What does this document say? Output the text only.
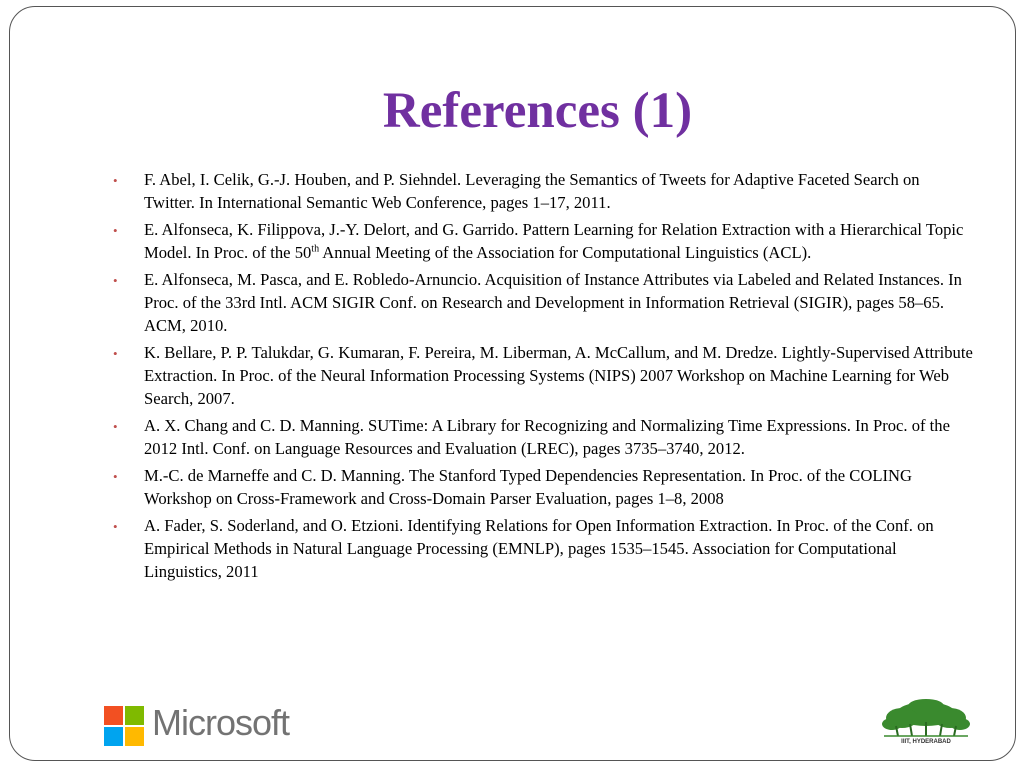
References (1)
• F. Abel, I. Celik, G.-J. Houben, and P. Siehndel. Leveraging the Semantics of Tweets for Adaptive Faceted Search on Twitter. In International Semantic Web Conference, pages 1–17, 2011.
• E. Alfonseca, K. Filippova, J.-Y. Delort, and G. Garrido. Pattern Learning for Relation Extraction with a Hierarchical Topic Model. In Proc. of the 50th Annual Meeting of the Association for Computational Linguistics (ACL).
• E. Alfonseca, M. Pasca, and E. Robledo-Arnuncio. Acquisition of Instance Attributes via Labeled and Related Instances. In Proc. of the 33rd Intl. ACM SIGIR Conf. on Research and Development in Information Retrieval (SIGIR), pages 58–65. ACM, 2010.
• K. Bellare, P. P. Talukdar, G. Kumaran, F. Pereira, M. Liberman, A. McCallum, and M. Dredze. Lightly-Supervised Attribute Extraction. In Proc. of the Neural Information Processing Systems (NIPS) 2007 Workshop on Machine Learning for Web Search, 2007.
• A. X. Chang and C. D. Manning. SUTime: A Library for Recognizing and Normalizing Time Expressions. In Proc. of the 2012 Intl. Conf. on Language Resources and Evaluation (LREC), pages 3735–3740, 2012.
• M.-C. de Marneffe and C. D. Manning. The Stanford Typed Dependencies Representation. In Proc. of the COLING Workshop on Cross-Framework and Cross-Domain Parser Evaluation, pages 1–8, 2008
• A. Fader, S. Soderland, and O. Etzioni. Identifying Relations for Open Information Extraction. In Proc. of the Conf. on Empirical Methods in Natural Language Processing (EMNLP), pages 1535–1545. Association for Computational Linguistics, 2011
Microsoft	IIIT, HYDERABAD
